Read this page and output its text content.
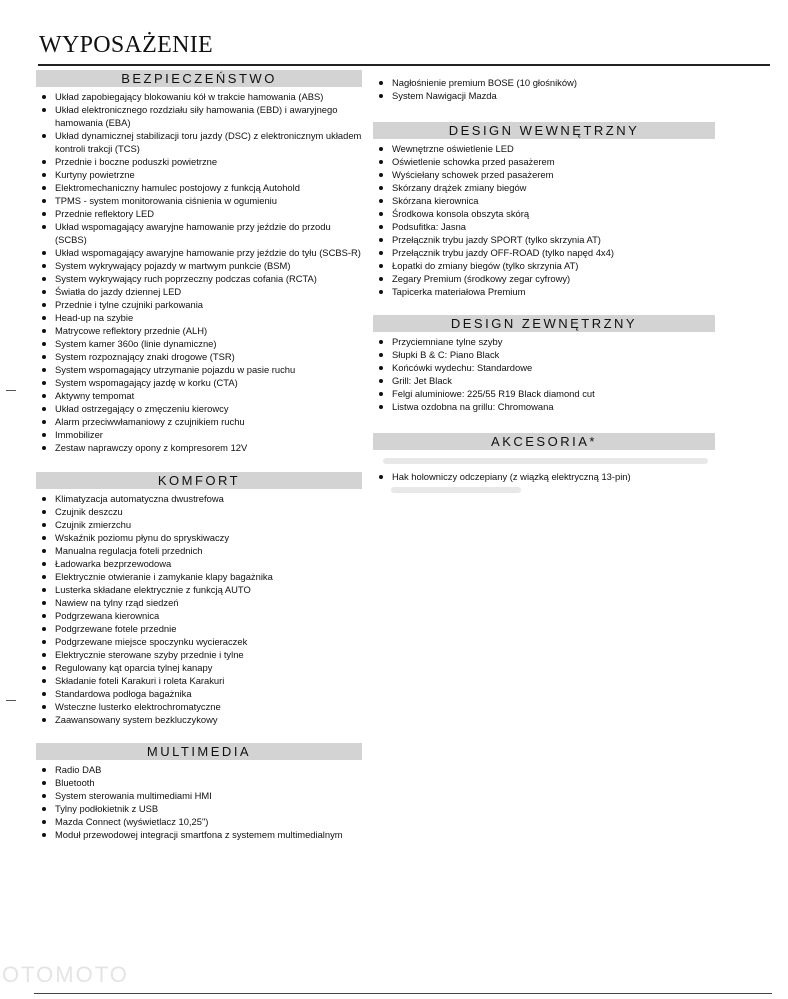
WYPOSAŻENIE
BEZPIECZEŃSTWO
Układ zapobiegający blokowaniu kół w trakcie hamowania (ABS)
Układ elektronicznego rozdziału siły hamowania (EBD) i awaryjnego hamowania (EBA)
Układ dynamicznej stabilizacji toru jazdy (DSC) z elektronicznym układem kontroli trakcji (TCS)
Przednie i boczne poduszki powietrzne
Kurtyny powietrzne
Elektromechaniczny hamulec postojowy z funkcją Autohold
TPMS - system monitorowania ciśnienia w ogumieniu
Przednie reflektory LED
Układ wspomagający awaryjne hamowanie przy jeździe do przodu (SCBS)
Układ wspomagający awaryjne hamowanie przy jeździe do tyłu (SCBS-R)
System wykrywający pojazdy w martwym punkcie (BSM)
System wykrywający ruch poprzeczny podczas cofania (RCTA)
Światła do jazdy dziennej LED
Przednie i tylne czujniki parkowania
Head-up na szybie
Matrycowe reflektory przednie (ALH)
System kamer 360o (linie dynamiczne)
System rozpoznający znaki drogowe (TSR)
System wspomagający utrzymanie pojazdu w pasie ruchu
System wspomagający jazdę w korku (CTA)
Aktywny tempomat
Układ ostrzegający o zmęczeniu kierowcy
Alarm przeciwwłamaniowy z czujnikiem ruchu
Immobilizer
Zestaw naprawczy opony z kompresorem 12V
KOMFORT
Klimatyzacja automatyczna dwustrefowa
Czujnik deszczu
Czujnik zmierzchu
Wskaźnik poziomu płynu do spryskiwaczy
Manualna regulacja foteli przednich
Ładowarka bezprzewodowa
Elektrycznie otwieranie i zamykanie klapy bagażnika
Lusterka składane elektrycznie z funkcją AUTO
Nawiew na tylny rząd siedzeń
Podgrzewana kierownica
Podgrzewane fotele przednie
Podgrzewane miejsce spoczynku wycieraczek
Elektrycznie sterowane szyby przednie i tylne
Regulowany kąt oparcia tylnej kanapy
Składanie foteli Karakuri i roleta Karakuri
Standardowa podłoga bagażnika
Wsteczne lusterko elektrochromatyczne
Zaawansowany system bezkluczykowy
MULTIMEDIA
Radio DAB
Bluetooth
System sterowania multimediami HMI
Tylny podłokietnik z USB
Mazda Connect (wyświetlacz 10,25")
Moduł przewodowej integracji smartfona z systemem multimedialnym
Nagłośnienie premium BOSE (10 głośników)
System Nawigacji Mazda
DESIGN WEWNĘTRZNY
Wewnętrzne oświetlenie LED
Oświetlenie schowka przed pasażerem
Wyściełany schowek przed pasażerem
Skórzany drążek zmiany biegów
Skórzana kierownica
Środkowa konsola obszyta skórą
Podsufitka: Jasna
Przełącznik trybu jazdy SPORT (tylko skrzynia AT)
Przełącznik trybu jazdy OFF-ROAD (tylko napęd 4x4)
Łopatki do zmiany biegów (tylko skrzynia AT)
Zegary Premium (środkowy zegar cyfrowy)
Tapicerka materiałowa Premium
DESIGN ZEWNĘTRZNY
Przyciemniane tylne szyby
Słupki B & C: Piano Black
Końcówki wydechu: Standardowe
Grill: Jet Black
Felgi aluminiowe: 225/55 R19 Black diamond cut
Listwa ozdobna na grillu: Chromowana
AKCESORIA*
Hak holowniczy odczepiany (z wiązką elektryczną 13-pin)
OTOMOTO
